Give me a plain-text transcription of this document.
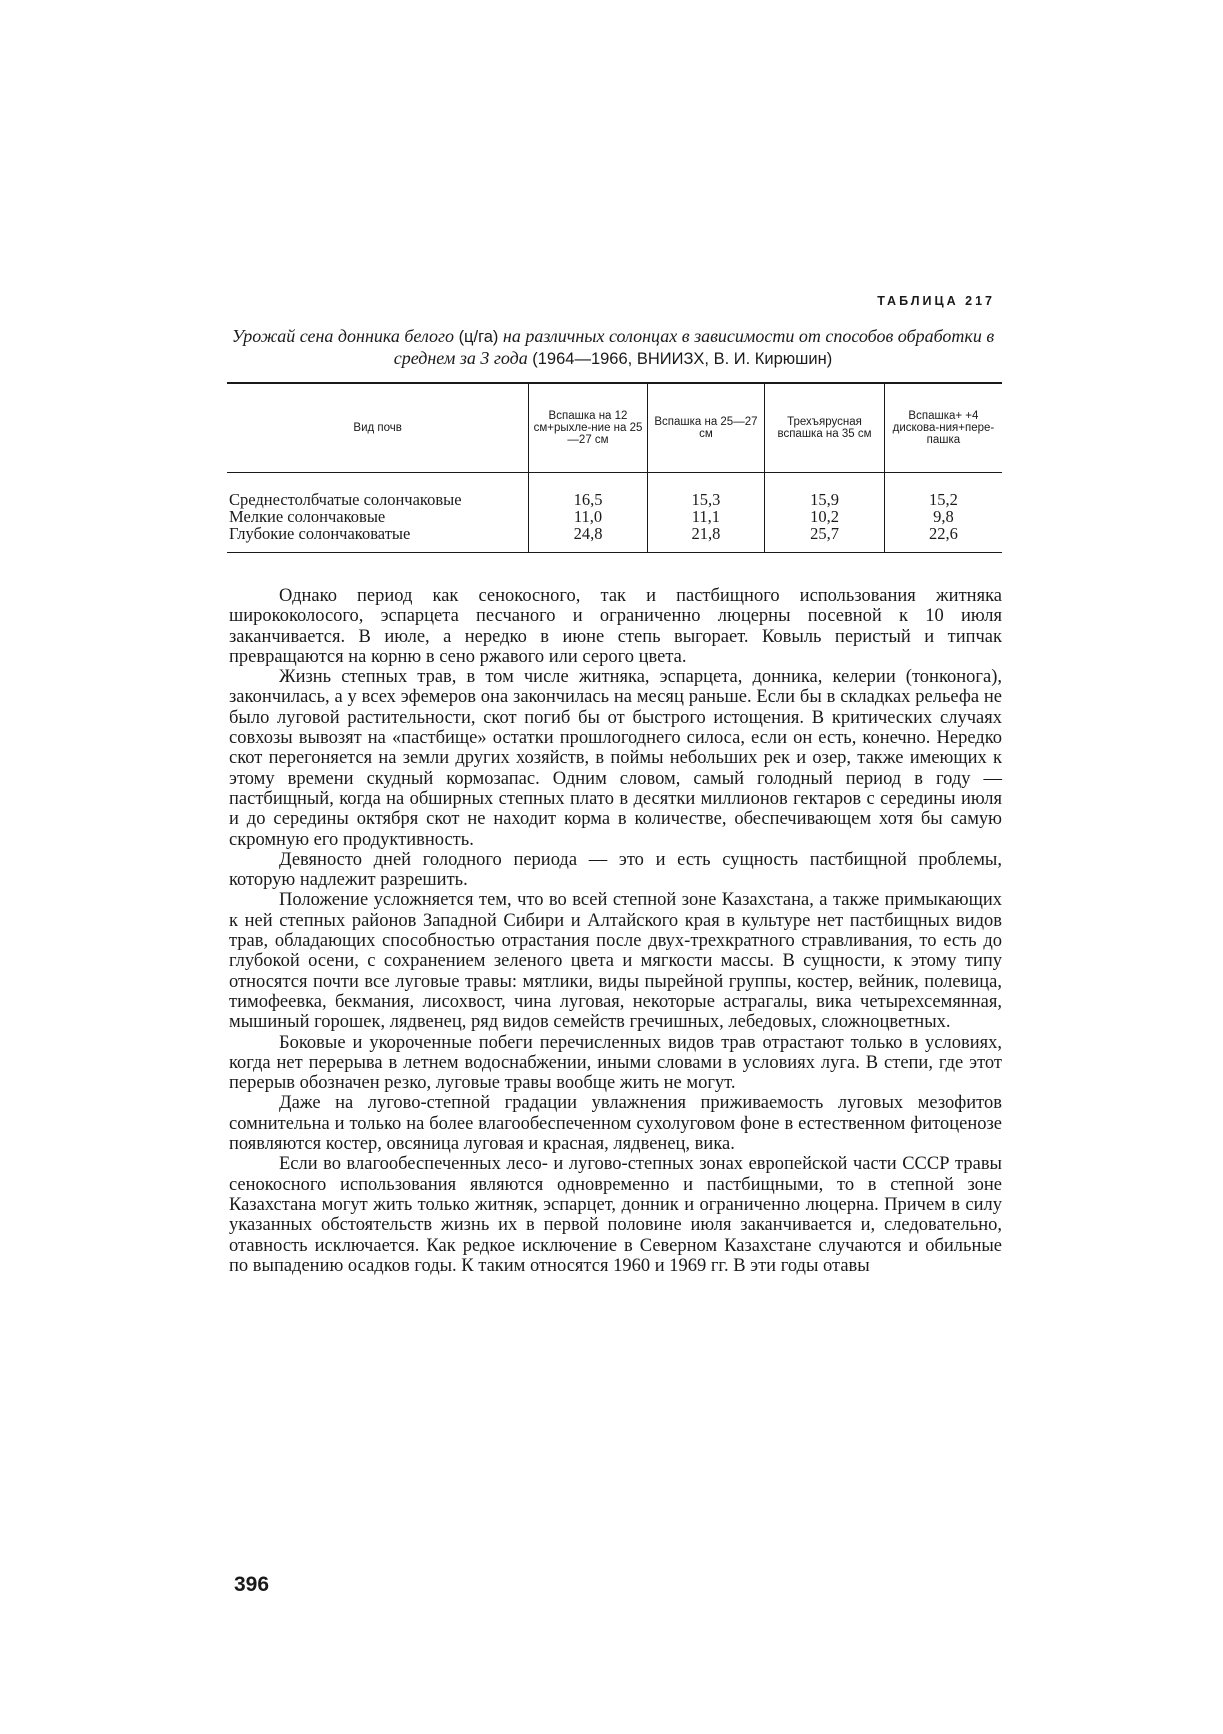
ТАБЛИЦА 217
Урожай сена донника белого (ц/га) на различных солонцах в зависимости от способов обработки в среднем за 3 года (1964—1966, ВНИИЗХ, В. И. Кирюшин)
Вид почв	Вспашка на 12 см+рыхле-ние на 25—27 см	Вспашка на 25—27 см	Трехъярусная вспашка на 35 см	Вспашка+ +4 дискова-ния+пере-пашка
Среднестолбчатые солончаковые	16,5	15,3	15,9	15,2
Мелкие солончаковые	11,0	11,1	10,2	9,8
Глубокие солончаковатые	24,8	21,8	25,7	22,6

Однако период как сенокосного, так и пастбищного использования житняка ширококолосого, эспарцета песчаного и ограниченно люцерны посевной к 10 июля заканчивается. В июле, а нередко в июне степь выгорает. Ковыль перистый и типчак превращаются на корню в сено ржавого или серого цвета.

Жизнь степных трав, в том числе житняка, эспарцета, донника, келерии (тонконога), закончилась, а у всех эфемеров она закончилась на месяц раньше. Если бы в складках рельефа не было луговой растительности, скот погиб бы от быстрого истощения. В критических случаях совхозы вывозят на «пастбище» остатки прошлогоднего силоса, если он есть, конечно. Нередко скот перегоняется на земли других хозяйств, в поймы небольших рек и озер, также имеющих к этому времени скудный кормозапас. Одним словом, самый голодный период в году — пастбищный, когда на обширных степных плато в десятки миллионов гектаров с середины июля и до середины октября скот не находит корма в количестве, обеспечивающем хотя бы самую скромную его продуктивность.

Девяносто дней голодного периода — это и есть сущность пастбищной проблемы, которую надлежит разрешить.

Положение усложняется тем, что во всей степной зоне Казахстана, а также примыкающих к ней степных районов Западной Сибири и Алтайского края в культуре нет пастбищных видов трав, обладающих способностью отрастания после двух-трехкратного стравливания, то есть до глубокой осени, с сохранением зеленого цвета и мягкости массы. В сущности, к этому типу относятся почти все луговые травы: мятлики, виды пырейной группы, костер, вейник, полевица, тимофеевка, бекмания, лисохвост, чина луговая, некоторые астрагалы, вика четырехсемянная, мышиный горошек, лядвенец, ряд видов семейств гречишных, лебедовых, сложноцветных.

Боковые и укороченные побеги перечисленных видов трав отрастают только в условиях, когда нет перерыва в летнем водоснабжении, иными словами в условиях луга. В степи, где этот перерыв обозначен резко, луговые травы вообще жить не могут.

Даже на лугово-степной градации увлажнения приживаемость луговых мезофитов сомнительна и только на более влагообеспеченном сухолуговом фоне в естественном фитоценозе появляются костер, овсяница луговая и красная, лядвенец, вика.

Если во влагообеспеченных лесо- и лугово-степных зонах европейской части СССР травы сенокосного использования являются одновременно и пастбищными, то в степной зоне Казахстана могут жить только житняк, эспарцет, донник и ограниченно люцерна. Причем в силу указанных обстоятельств жизнь их в первой половине июля заканчивается и, следовательно, отавность исключается. Как редкое исключение в Северном Казахстане случаются и обильные по выпадению осадков годы. К таким относятся 1960 и 1969 гг. В эти годы отавы

396
